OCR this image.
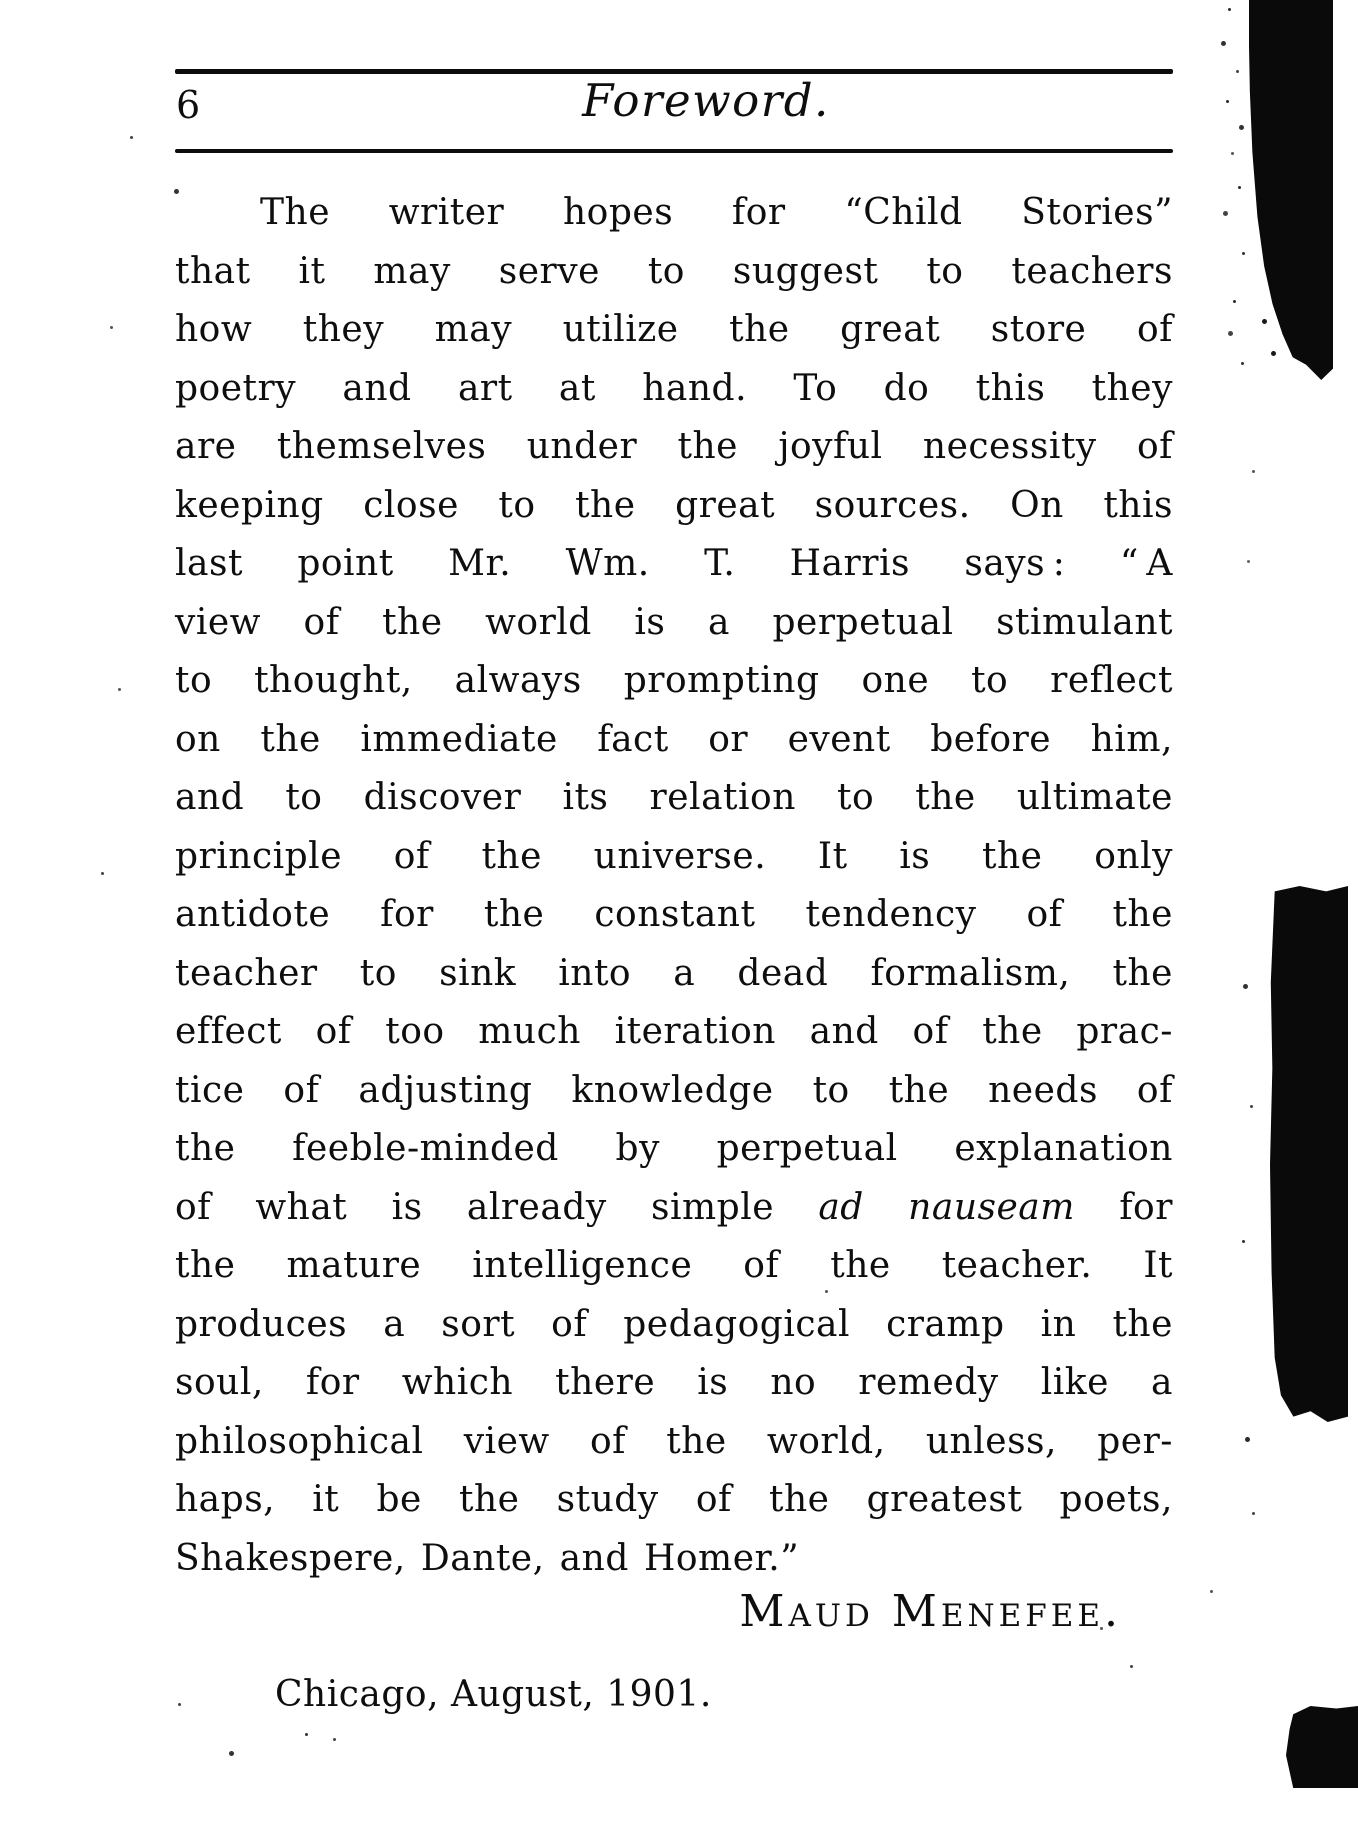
6	Foreword.
The writer hopes for “Child Stories”
that it may serve to suggest to teachers
how they may utilize the great store of
poetry and art at hand. To do this they
are themselves under the joyful necessity of
keeping close to the great sources. On this
last point Mr. Wm. T. Harris says : “ A
view of the world is a perpetual stimulant
to thought, always prompting one to reflect
on the immediate fact or event before him,
and to discover its relation to the ultimate
principle of the universe. It is the only
antidote for the constant tendency of the
teacher to sink into a dead formalism, the
effect of too much iteration and of the prac-
tice of adjusting knowledge to the needs of
the feeble-minded by perpetual explanation
of what is already simple ad nauseam for
the mature intelligence of the teacher. It
produces a sort of pedagogical cramp in the
soul, for which there is no remedy like a
philosophical view of the world, unless, per-
haps, it be the study of the greatest poets,
Shakespere, Dante, and Homer.”
Maud Menefee.
Chicago, August, 1901.
